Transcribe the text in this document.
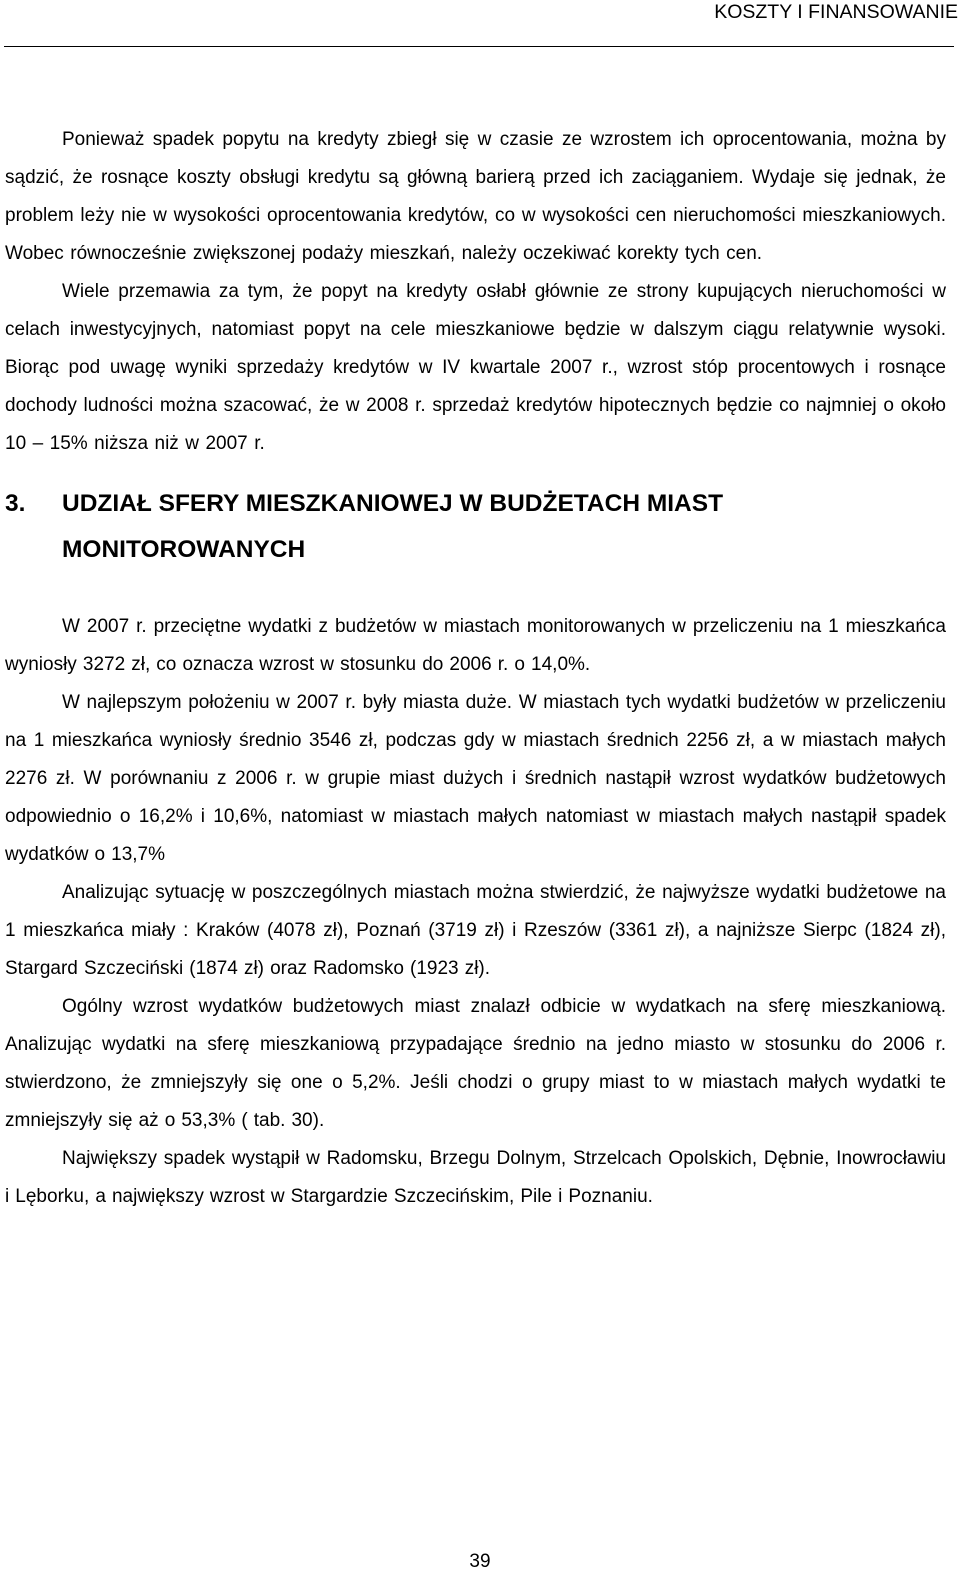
KOSZTY I FINANSOWANIE

Ponieważ spadek popytu na kredyty zbiegł się w czasie ze wzrostem ich oprocentowania, można by sądzić, że rosnące koszty obsługi kredytu są główną barierą przed ich zaciąganiem. Wydaje się jednak, że problem leży nie w wysokości oprocentowania kredytów, co w wysokości cen nieruchomości mieszkaniowych. Wobec równocześnie zwiększonej podaży mieszkań, należy oczekiwać korekty tych cen.

Wiele przemawia za tym, że popyt na kredyty osłabł głównie ze strony kupujących nieruchomości w celach inwestycyjnych, natomiast popyt na cele mieszkaniowe będzie w dalszym ciągu relatywnie wysoki. Biorąc pod uwagę wyniki sprzedaży kredytów w IV kwartale 2007 r., wzrost stóp procentowych i rosnące dochody ludności można szacować, że w 2008 r. sprzedaż kredytów hipotecznych będzie co najmniej o około 10 – 15% niższa niż w 2007 r.

3.	UDZIAŁ SFERY MIESZKANIOWEJ W BUDŻETACH MIAST MONITOROWANYCH

W 2007 r. przeciętne wydatki z budżetów w miastach monitorowanych w przeliczeniu na 1 mieszkańca wyniosły 3272 zł, co oznacza wzrost w stosunku do 2006 r. o 14,0%.

W najlepszym położeniu w 2007 r. były miasta duże. W miastach tych wydatki budżetów w przeliczeniu na 1 mieszkańca wyniosły średnio 3546 zł, podczas gdy w miastach średnich 2256 zł, a w miastach małych 2276 zł. W porównaniu z 2006 r. w grupie miast dużych i średnich nastąpił wzrost wydatków budżetowych odpowiednio o 16,2% i 10,6%, natomiast w miastach małych natomiast w miastach małych nastąpił spadek wydatków o 13,7%

Analizując sytuację w poszczególnych miastach można stwierdzić, że najwyższe wydatki budżetowe na 1 mieszkańca miały : Kraków (4078 zł), Poznań (3719 zł) i Rzeszów (3361 zł), a najniższe Sierpc (1824 zł), Stargard Szczeciński (1874 zł) oraz Radomsko (1923 zł).

Ogólny wzrost wydatków budżetowych miast znalazł odbicie w wydatkach na sferę mieszkaniową. Analizując wydatki na sferę mieszkaniową przypadające średnio na jedno miasto w stosunku do 2006 r. stwierdzono, że zmniejszyły się one o 5,2%. Jeśli chodzi o grupy miast to w miastach małych wydatki te zmniejszyły się aż o 53,3% ( tab. 30).

Największy spadek wystąpił w Radomsku, Brzegu Dolnym, Strzelcach Opolskich, Dębnie, Inowrocławiu i Lęborku, a największy wzrost w Stargardzie Szczecińskim, Pile i Poznaniu.

39
